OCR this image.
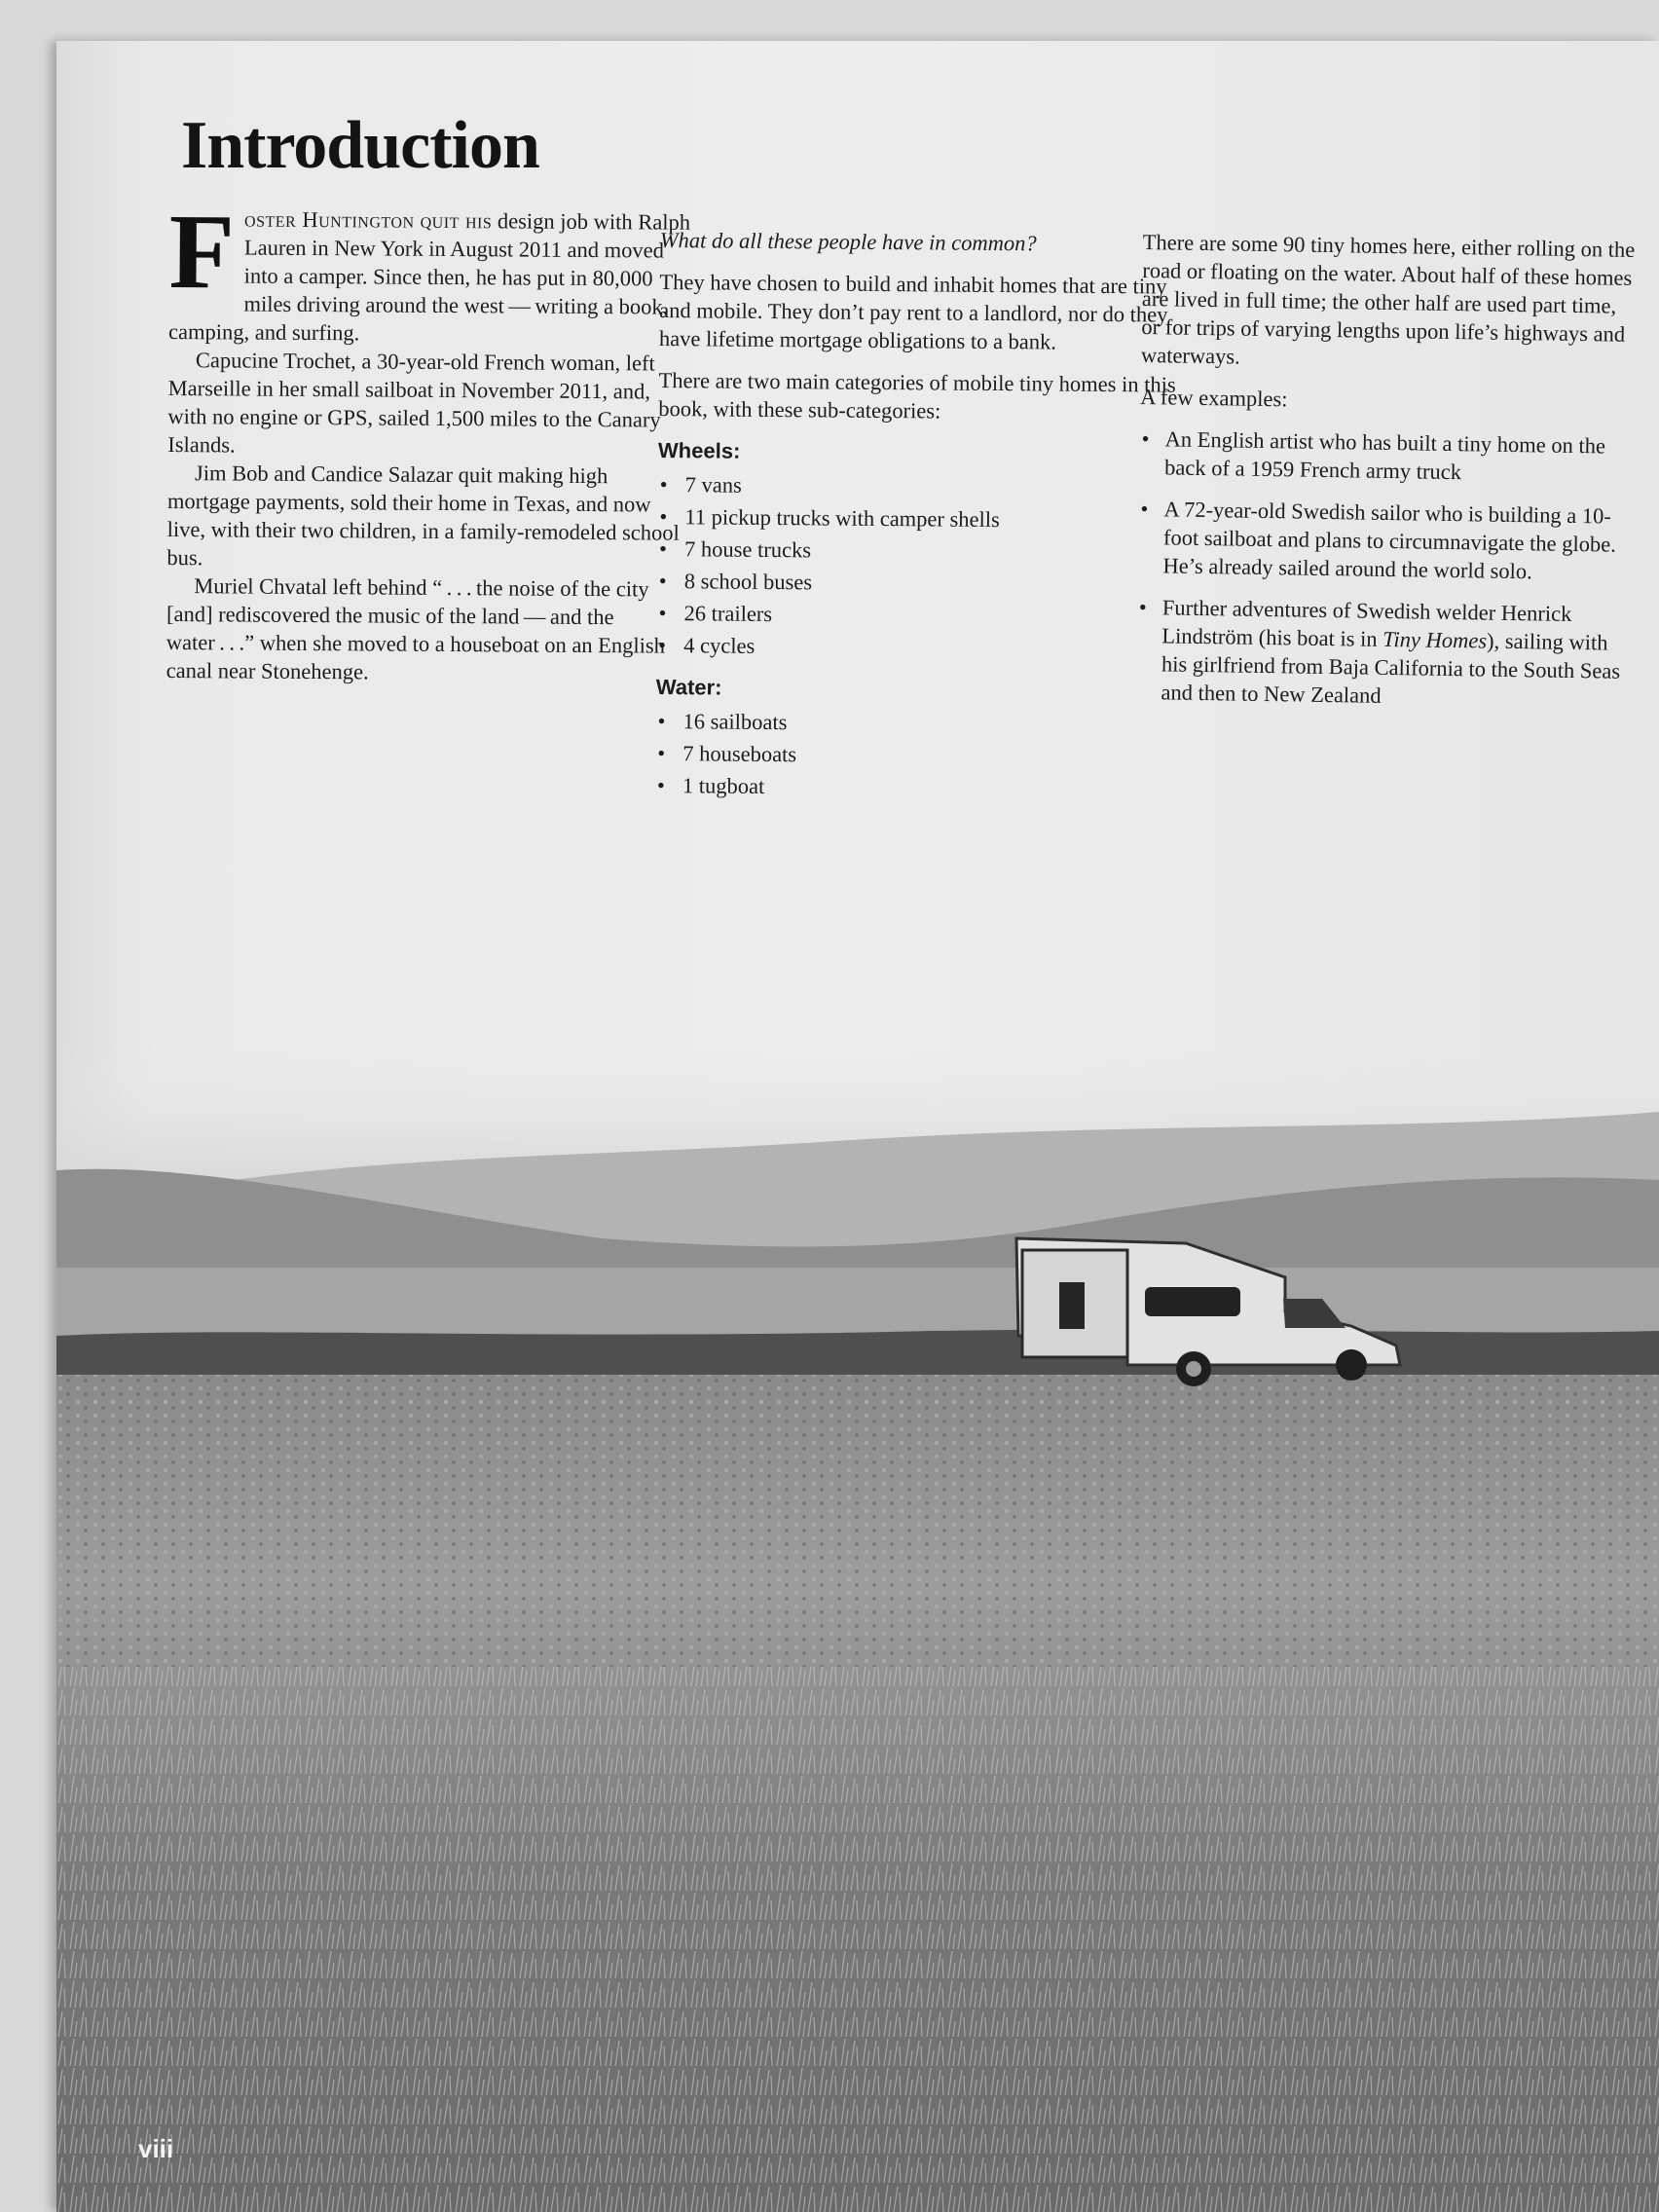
Introduction

Foster Huntington quit his design job with Ralph Lauren in New York in August 2011 and moved into a camper. Since then, he has put in 80,000 miles driving around the west — writing a book, camping, and surfing.

Capucine Trochet, a 30-year-old French woman, left Marseille in her small sailboat in November 2011, and, with no engine or GPS, sailed 1,500 miles to the Canary Islands.

Jim Bob and Candice Salazar quit making high mortgage payments, sold their home in Texas, and now live, with their two children, in a family-remodeled school bus.

Muriel Chvatal left behind “ . . . the noise of the city [and] rediscovered the music of the land — and the water . . .” when she moved to a houseboat on an English canal near Stonehenge.

What do all these people have in common?

They have chosen to build and inhabit homes that are tiny and mobile. They don’t pay rent to a landlord, nor do they have lifetime mortgage obligations to a bank.

There are two main categories of mobile tiny homes in this book, with these sub-categories:

Wheels:
• 7 vans
• 11 pickup trucks with camper shells
• 7 house trucks
• 8 school buses
• 26 trailers
• 4 cycles
Water:
• 16 sailboats
• 7 houseboats
• 1 tugboat

There are some 90 tiny homes here, either rolling on the road or floating on the water. About half of these homes are lived in full time; the other half are used part time, or for trips of varying lengths upon life’s highways and waterways.

A few examples:

• An English artist who has built a tiny home on the back of a 1959 French army truck
• A 72-year-old Swedish sailor who is building a 10-foot sailboat and plans to circumnavigate the globe. He’s already sailed around the world solo.
• Further adventures of Swedish welder Henrick Lindström (his boat is in Tiny Homes), sailing with his girlfriend from Baja California to the South Seas and then to New Zealand
viii
